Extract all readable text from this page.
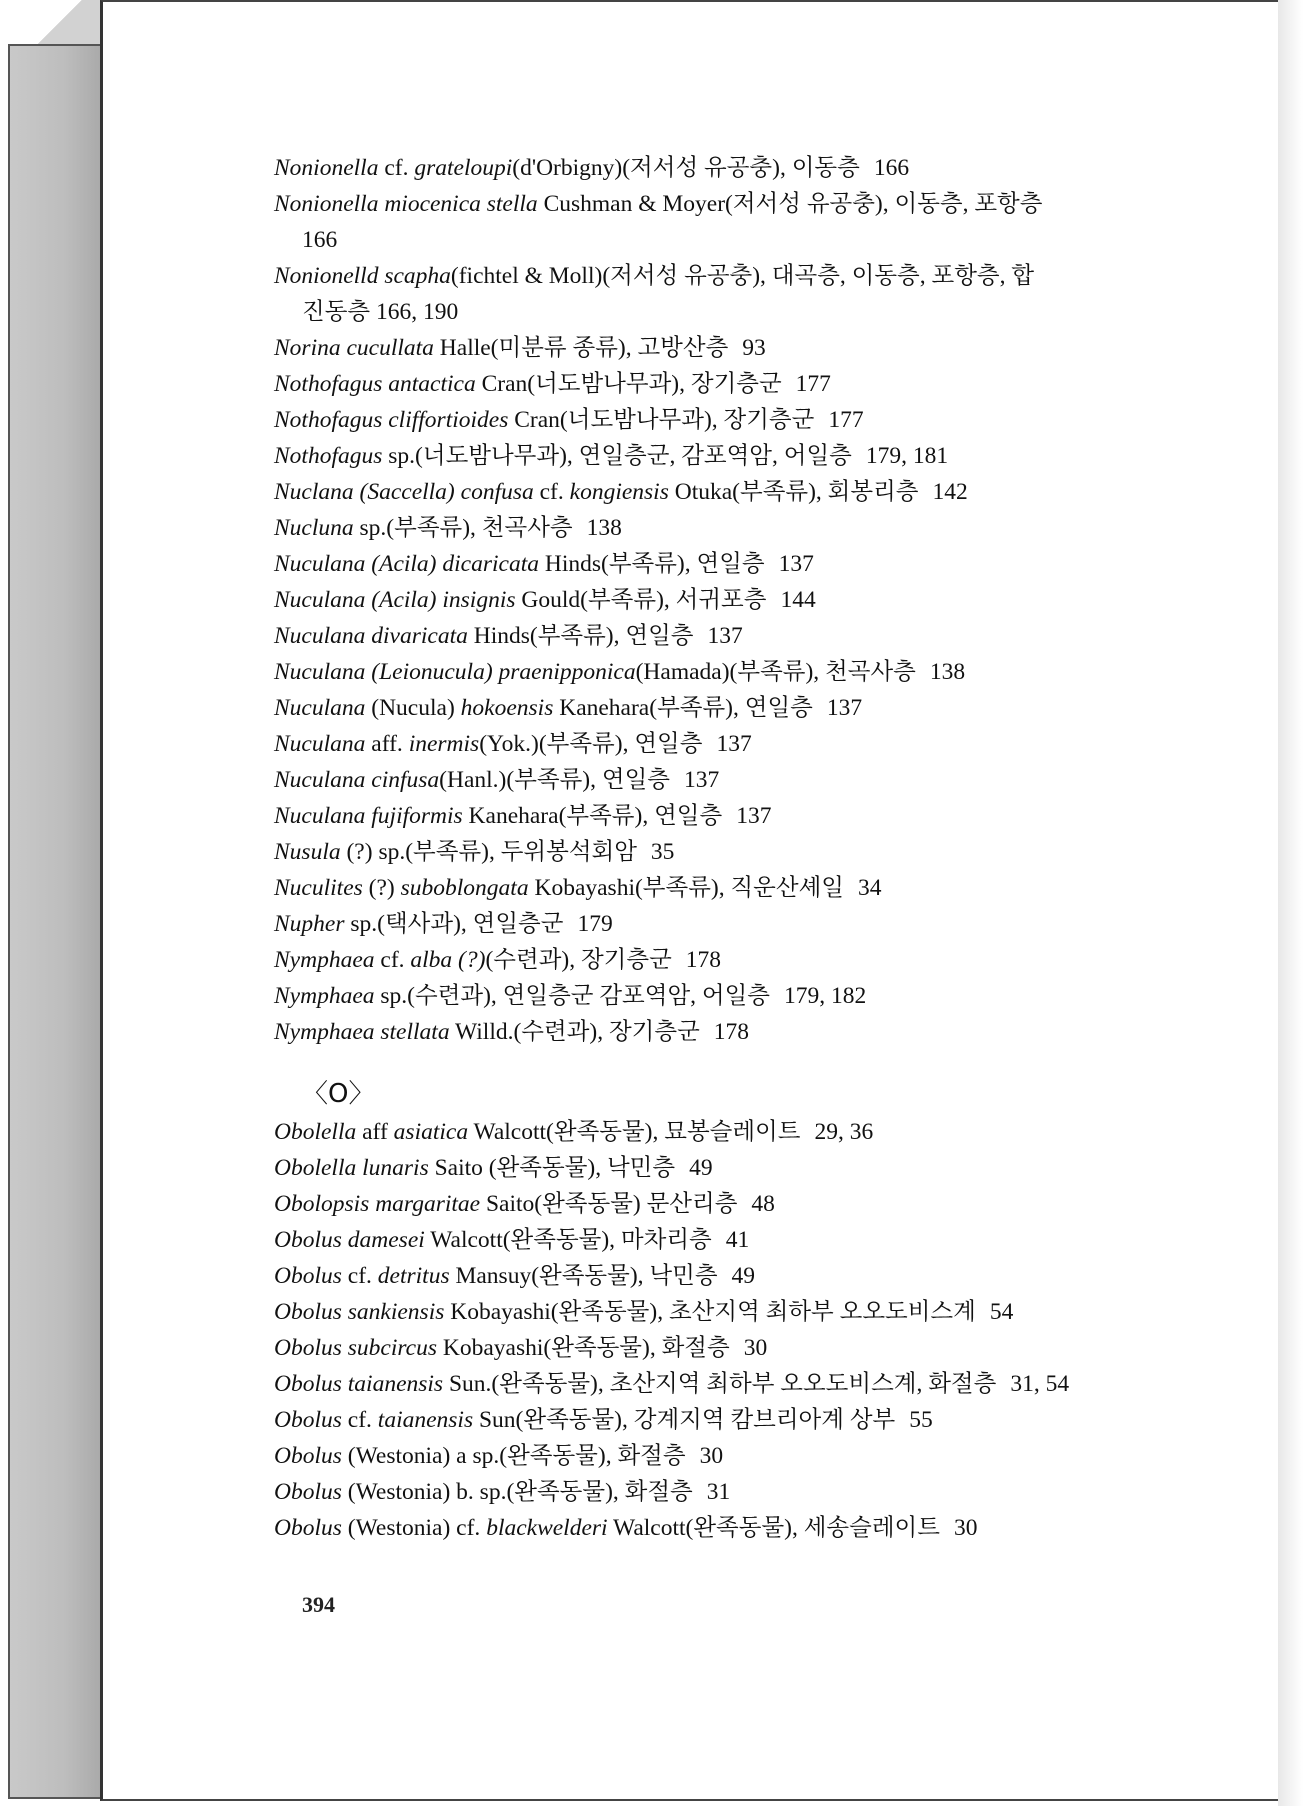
Nonionella cf. grateloupi(d'Orbigny)(저서성 유공충), 이동층 166
Nonionella miocenica stella Cushman & Moyer(저서성 유공충), 이동층, 포항층
166
Nonionelld scapha(fichtel & Moll)(저서성 유공충), 대곡층, 이동층, 포항층, 합
진동층 166, 190
Norina cucullata Halle(미분류 종류), 고방산층 93
Nothofagus antactica Cran(너도밤나무과), 장기층군 177
Nothofagus cliffortioides Cran(너도밤나무과), 장기층군 177
Nothofagus sp.(너도밤나무과), 연일층군, 감포역암, 어일층 179, 181
Nuclana (Saccella) confusa cf. kongiensis Otuka(부족류), 회봉리층 142
Nucluna sp.(부족류), 천곡사층 138
Nuculana (Acila) dicaricata Hinds(부족류), 연일층 137
Nuculana (Acila) insignis Gould(부족류), 서귀포층 144
Nuculana divaricata Hinds(부족류), 연일층 137
Nuculana (Leionucula) praenipponica(Hamada)(부족류), 천곡사층 138
Nuculana (Nucula) hokoensis Kanehara(부족류), 연일층 137
Nuculana aff. inermis(Yok.)(부족류), 연일층 137
Nuculana cinfusa(Hanl.)(부족류), 연일층 137
Nuculana fujiformis Kanehara(부족류), 연일층 137
Nusula (?) sp.(부족류), 두위봉석회암 35
Nuculites (?) suboblongata Kobayashi(부족류), 직운산셰일 34
Nupher sp.(택사과), 연일층군 179
Nymphaea cf. alba (?)(수련과), 장기층군 178
Nymphaea sp.(수련과), 연일층군 감포역암, 어일층 179, 182
Nymphaea stellata Willd.(수련과), 장기층군 178
〈O〉
Obolella aff asiatica Walcott(완족동물), 묘봉슬레이트 29, 36
Obolella lunaris Saito (완족동물), 낙민층 49
Obolopsis margaritae Saito(완족동물) 문산리층 48
Obolus damesei Walcott(완족동물), 마차리층 41
Obolus cf. detritus Mansuy(완족동물), 낙민층 49
Obolus sankiensis Kobayashi(완족동물), 초산지역 최하부 오오도비스계 54
Obolus subcircus Kobayashi(완족동물), 화절층 30
Obolus taianensis Sun.(완족동물), 초산지역 최하부 오오도비스계, 화절층 31, 54
Obolus cf. taianensis Sun(완족동물), 강계지역 캄브리아계 상부 55
Obolus (Westonia) a sp.(완족동물), 화절층 30
Obolus (Westonia) b. sp.(완족동물), 화절층 31
Obolus (Westonia) cf. blackwelderi Walcott(완족동물), 세송슬레이트 30
394
